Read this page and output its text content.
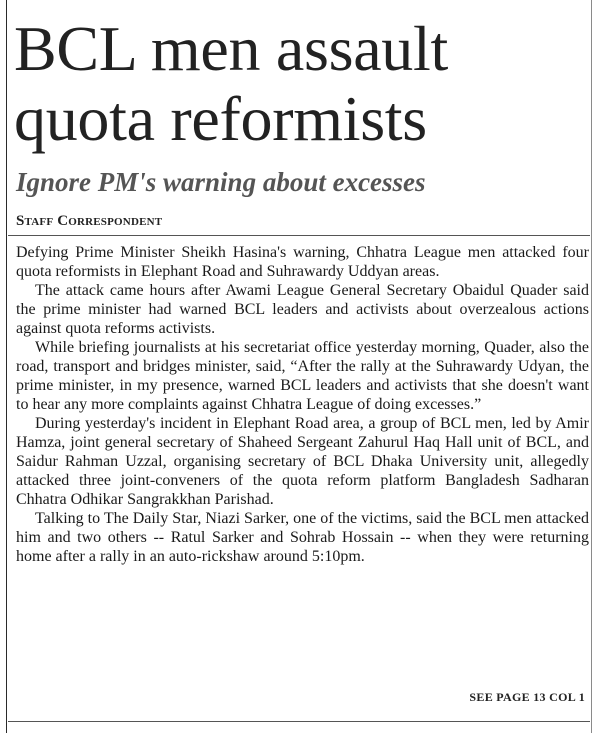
BCL men assault
quota reformists
Ignore PM's warning about excesses
Staff Correspondent

Defying Prime Minister Sheikh Hasina's warning, Chhatra League men attacked four quota reformists in Elephant Road and Suhrawardy Uddyan areas.

The attack came hours after Awami League General Secretary Obaidul Quader said the prime minister had warned BCL leaders and activists about overzealous actions against quota reforms activists.

While briefing journalists at his secretariat office yesterday morning, Quader, also the road, transport and bridges minister, said, “After the rally at the Suhrawardy Udyan, the prime minister, in my presence, warned BCL leaders and activists that she doesn't want to hear any more complaints against Chhatra League of doing excesses.”

During yesterday's incident in Elephant Road area, a group of BCL men, led by Amir Hamza, joint general secretary of Shaheed Sergeant Zahurul Haq Hall unit of BCL, and Saidur Rahman Uzzal, organising secretary of BCL Dhaka University unit, allegedly attacked three joint-conveners of the quota reform platform Bangladesh Sadharan Chhatra Odhikar Sangrakkhan Parishad.

Talking to The Daily Star, Niazi Sarker, one of the victims, said the BCL men attacked him and two others -- Ratul Sarker and Sohrab Hossain -- when they were returning home after a rally in an auto-rickshaw around 5:10pm.

SEE PAGE 13 COL 1
